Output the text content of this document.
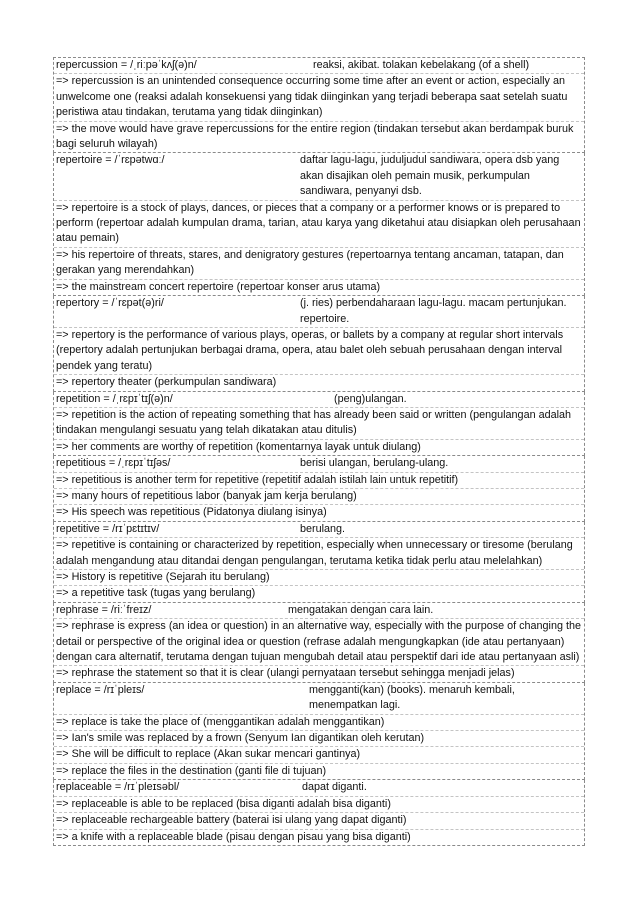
repercussion = /ˌriːpəˈkʌʃ(ə)n/	reaksi, akibat. tolakan kebelakang (of a shell)
=> repercussion is an unintended consequence occurring some time after an event or action, especially an unwelcome one (reaksi adalah konsekuensi yang tidak diinginkan yang terjadi beberapa saat setelah suatu peristiwa atau tindakan, terutama yang tidak diinginkan)
=> the move would have grave repercussions for the entire region (tindakan tersebut akan berdampak buruk bagi seluruh wilayah)
repertoire = /ˈrɛpətwɑː/	daftar lagu-lagu, juduljudul sandiwara, opera dsb yang akan disajikan oleh pemain musik, perkumpulan sandiwara, penyanyi dsb.
=> repertoire is a stock of plays, dances, or pieces that a company or a performer knows or is prepared to perform (repertoar adalah kumpulan drama, tarian, atau karya yang diketahui atau disiapkan oleh perusahaan atau pemain)
=> his repertoire of threats, stares, and denigratory gestures (repertoarnya tentang ancaman, tatapan, dan gerakan yang merendahkan)
=> the mainstream concert repertoire (repertoar konser arus utama)
repertory = /ˈrɛpət(ə)ri/	(j. ries) perbendaharaan lagu-lagu. macam pertunjukan. repertoire.
=> repertory is the performance of various plays, operas, or ballets by a company at regular short intervals (repertory adalah pertunjukan berbagai drama, opera, atau balet oleh sebuah perusahaan dengan interval pendek yang teratu)
=> repertory theater (perkumpulan sandiwara)
repetition = /ˌrɛpɪˈtɪʃ(ə)n/	(peng)ulangan.
=> repetition is the action of repeating something that has already been said or written (pengulangan adalah tindakan mengulangi sesuatu yang telah dikatakan atau ditulis)
=> her comments are worthy of repetition (komentarnya layak untuk diulang)
repetitious = /ˌrɛpɪˈtɪʃəs/	berisi ulangan, berulang-ulang.
=> repetitious is another term for repetitive (repetitif adalah istilah lain untuk repetitif)
=> many hours of repetitious labor (banyak jam kerja berulang)
=> His speech was repetitious (Pidatonya diulang isinya)
repetitive = /rɪˈpɛtɪtɪv/	berulang.
=> repetitive is containing or characterized by repetition, especially when unnecessary or tiresome (berulang adalah mengandung atau ditandai dengan pengulangan, terutama ketika tidak perlu atau melelahkan)
=> History is repetitive (Sejarah itu berulang)
=> a repetitive task (tugas yang berulang)
rephrase = /riːˈfreɪz/	mengatakan dengan cara lain.
=> rephrase is express (an idea or question) in an alternative way, especially with the purpose of changing the detail or perspective of the original idea or question (refrase adalah mengungkapkan (ide atau pertanyaan) dengan cara alternatif, terutama dengan tujuan mengubah detail atau perspektif dari ide atau pertanyaan asli)
=> rephrase the statement so that it is clear (ulangi pernyataan tersebut sehingga menjadi jelas)
replace = /rɪˈpleɪs/	mengganti(kan) (books). menaruh kembali, menempatkan lagi.
=> replace is take the place of (menggantikan adalah menggantikan)
=> Ian's smile was replaced by a frown (Senyum Ian digantikan oleh kerutan)
=> She will be difficult to replace (Akan sukar mencari gantinya)
=> replace the files in the destination (ganti file di tujuan)
replaceable = /rɪˈpleɪsəbl/	dapat diganti.
=> replaceable is able to be replaced (bisa diganti adalah bisa diganti)
=> replaceable rechargeable battery (baterai isi ulang yang dapat diganti)
=> a knife with a replaceable blade (pisau dengan pisau yang bisa diganti)
